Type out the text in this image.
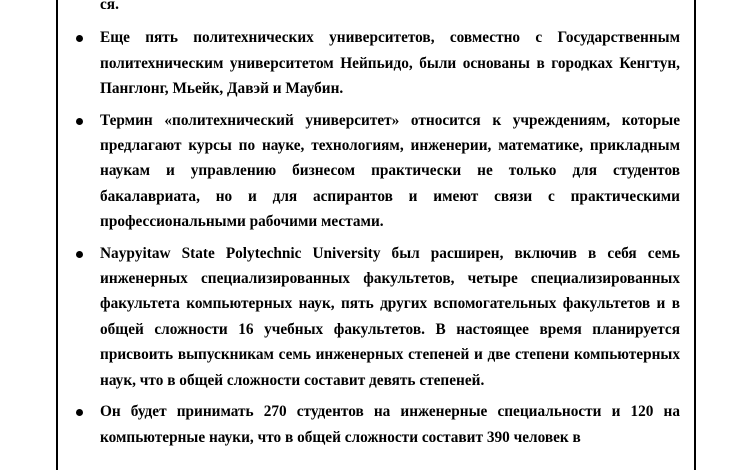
ся.
Еще пять политехнических университетов, совместно с Государственным политехническим университетом Нейпьидо, были основаны в городках Кенгтун, Панглонг, Мьейк, Давэй и Маубин.
Термин «политехнический университет» относится к учреждениям, которые предлагают курсы по науке, технологиям, инженерии, математике, прикладным наукам и управлению бизнесом практически не только для студентов бакалавриата, но и для аспирантов и имеют связи с практическими профессиональными рабочими местами.
Naypyitaw State Polytechnic University был расширен, включив в себя семь инженерных специализированных факультетов, четыре специализированных факультета компьютерных наук, пять других вспомогательных факультетов и в общей сложности 16 учебных факультетов. В настоящее время планируется присвоить выпускникам семь инженерных степеней и две степени компьютерных наук, что в общей сложности составит девять степеней.
Он будет принимать 270 студентов на инженерные специальности и 120 на компьютерные науки, что в общей сложности составит 390 человек в
